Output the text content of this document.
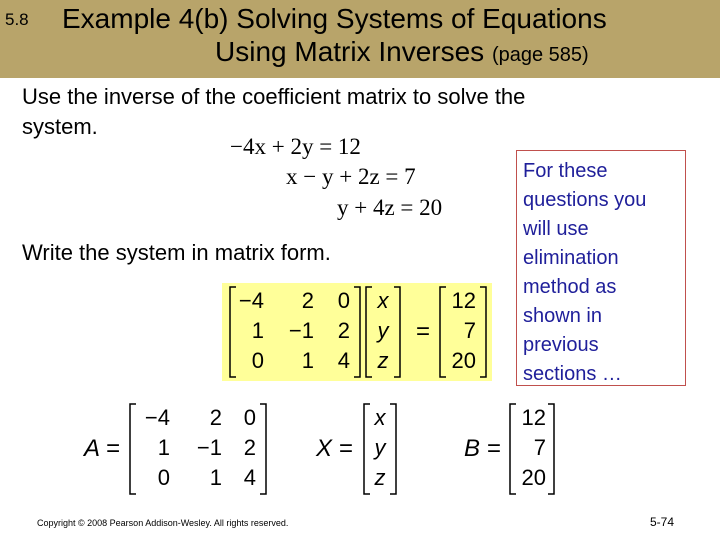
5.8 Example 4(b) Solving Systems of Equations
Using Matrix Inverses (page 585)
Use the inverse of the coefficient matrix to solve the
system.
−4x + 2y = 12
x − y + 2z = 7
y + 4z = 20
Write the system in matrix form.
−4 2 0
1 −1 2
0 1 4
x
y
z
=
12
7
20

For these

questions you

will use

elimination

method as

shown in

previous

sections …

A =
−4 2 0
1 −1 2
0 1 4
X =
x
y
z
B =
12
7
20
Copyright © 2008 Pearson Addison-Wesley. All rights reserved.	5-74
